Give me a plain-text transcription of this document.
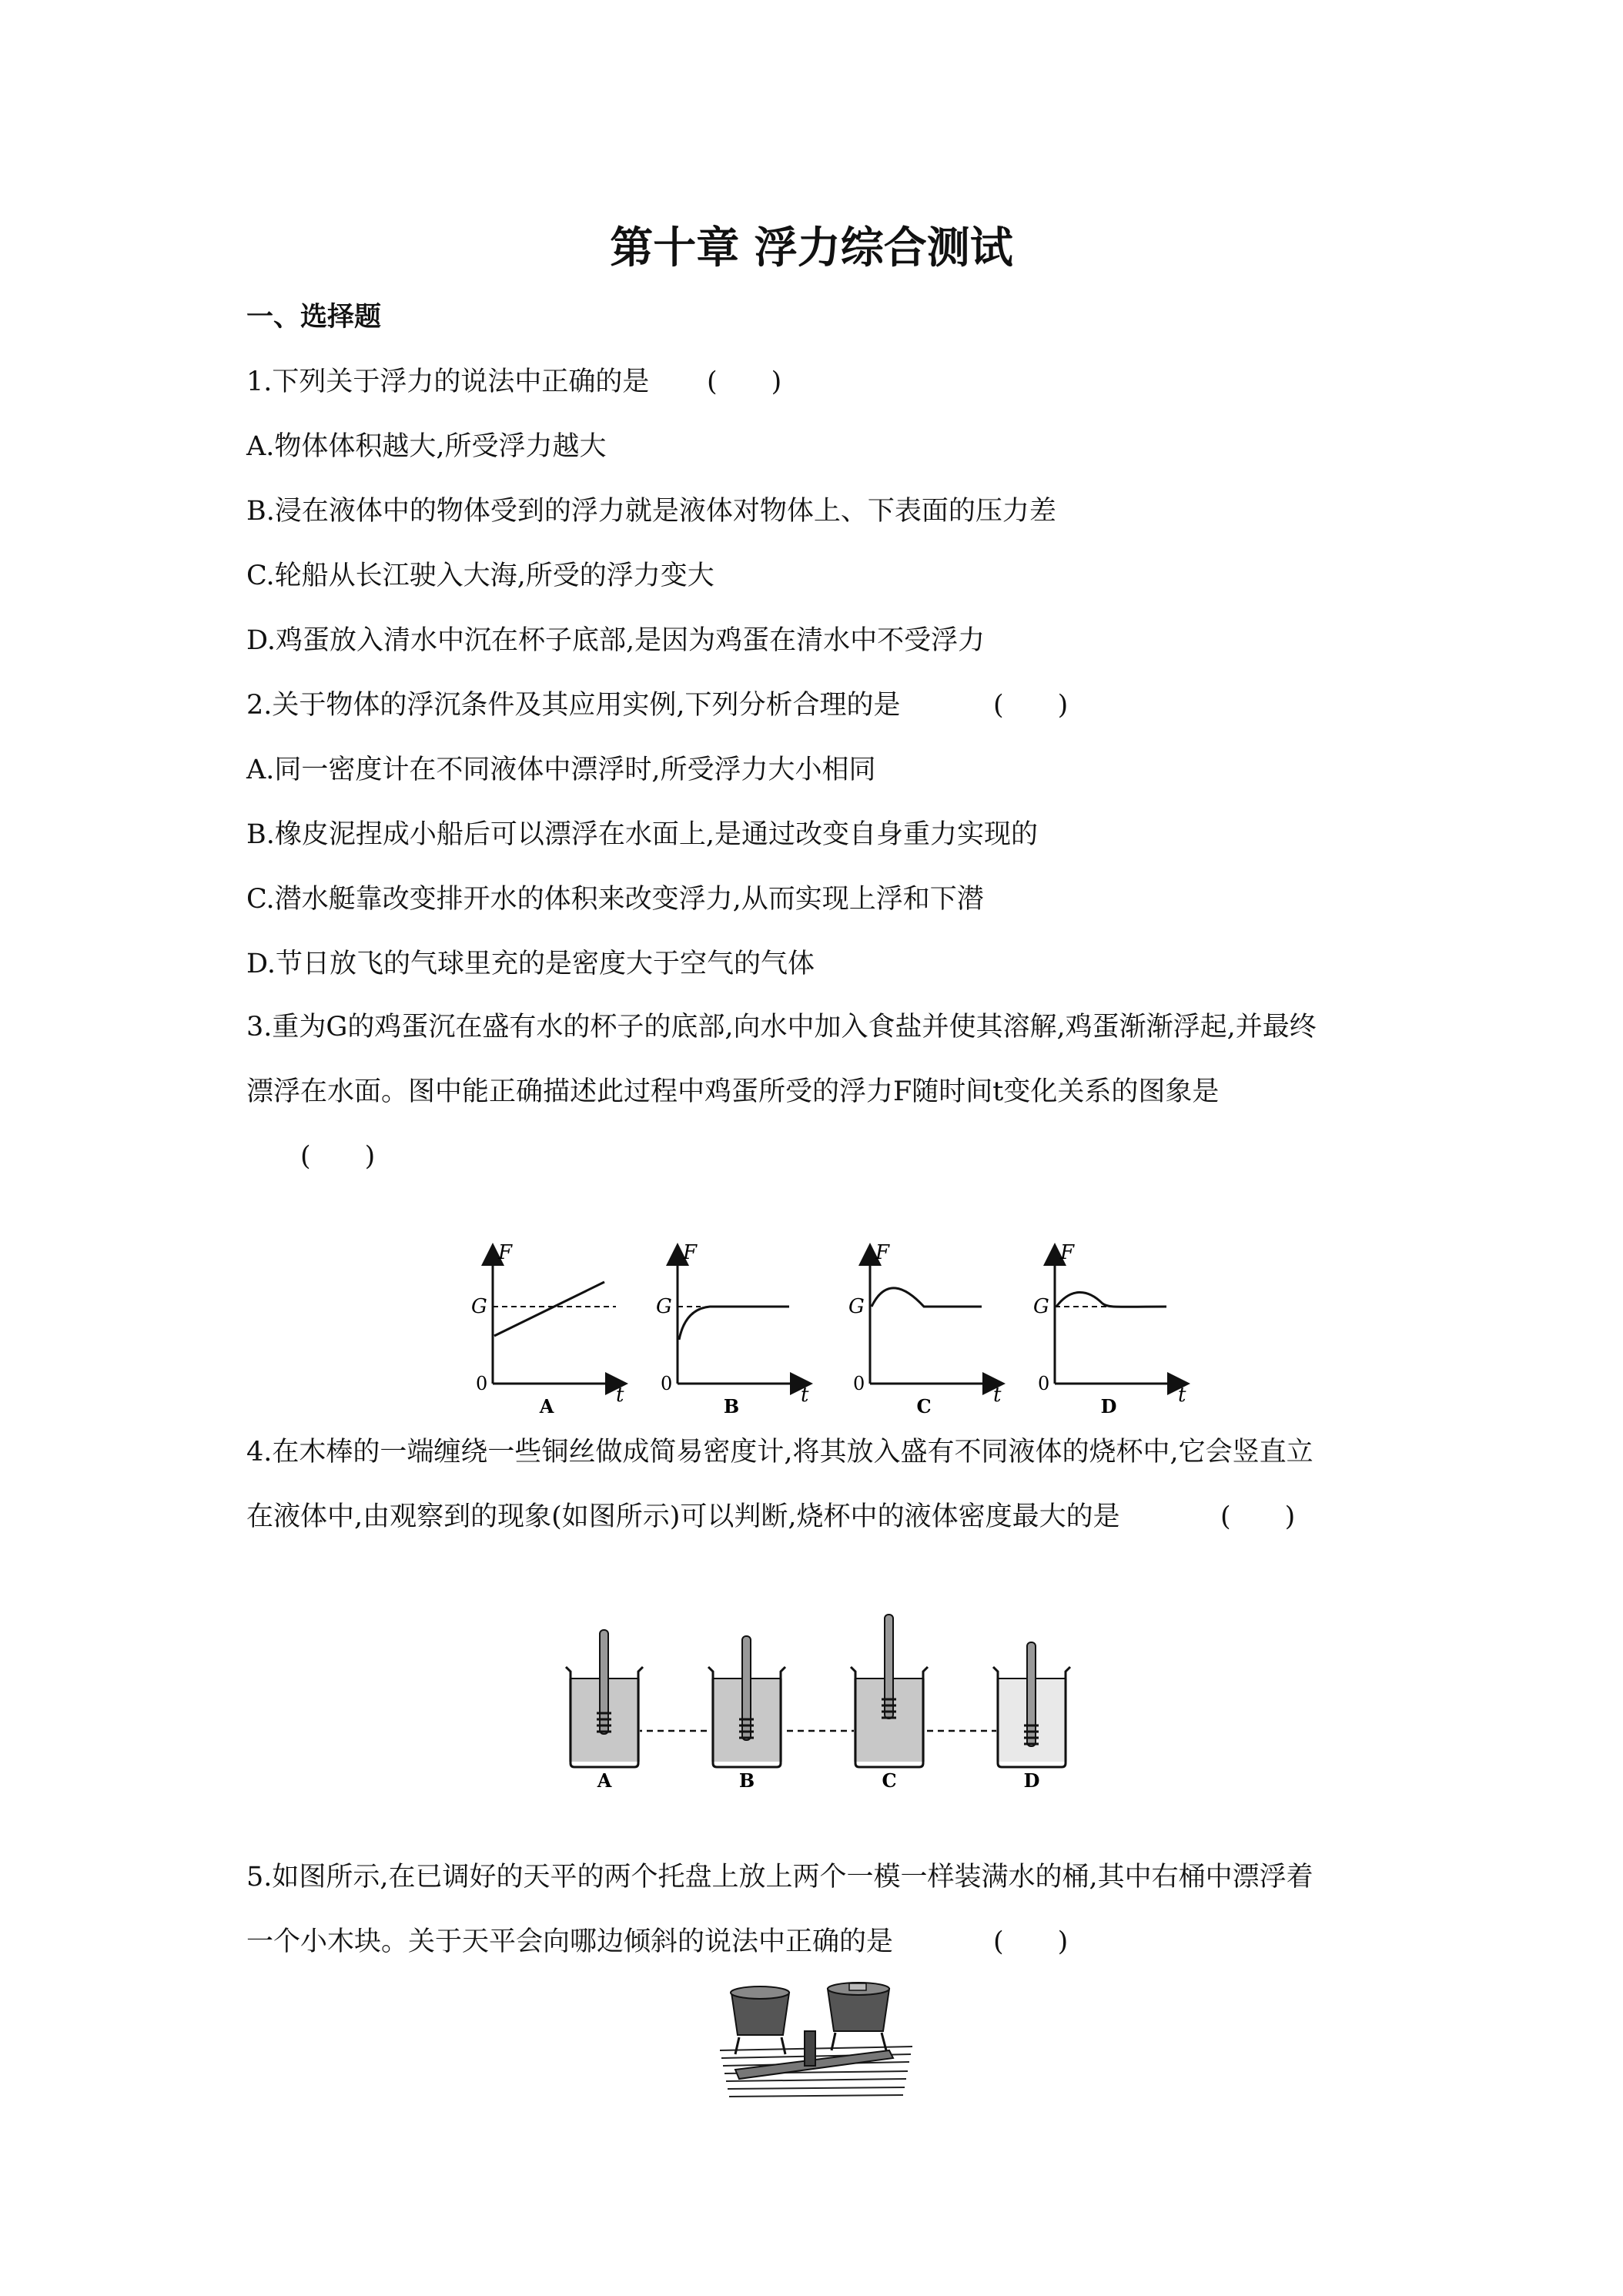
第十章 浮力综合测试
一、选择题
1.下列关于浮力的说法中正确的是 (　　)
A.物体体积越大,所受浮力越大
B.浸在液体中的物体受到的浮力就是液体对物体上、下表面的压力差
C.轮船从长江驶入大海,所受的浮力变大
D.鸡蛋放入清水中沉在杯子底部,是因为鸡蛋在清水中不受浮力
2.关于物体的浮沉条件及其应用实例,下列分析合理的是	(　　)
A.同一密度计在不同液体中漂浮时,所受浮力大小相同
B.橡皮泥捏成小船后可以漂浮在水面上,是通过改变自身重力实现的
C.潜水艇靠改变排开水的体积来改变浮力,从而实现上浮和下潜
D.节日放飞的气球里充的是密度大于空气的气体
3.重为G的鸡蛋沉在盛有水的杯子的底部,向水中加入食盐并使其溶解,鸡蛋渐渐浮起,并最终
漂浮在水面。图中能正确描述此过程中鸡蛋所受的浮力F随时间t变化关系的图象是
(　　)
F
G
0	t
A
F
G
0	t
B
F
G
0	t
C
F
G
0	t
D
4.在木棒的一端缠绕一些铜丝做成简易密度计,将其放入盛有不同液体的烧杯中,它会竖直立
在液体中,由观察到的现象(如图所示)可以判断,烧杯中的液体密度最大的是	(　　)
A	B	C	D
5.如图所示,在已调好的天平的两个托盘上放上两个一模一样装满水的桶,其中右桶中漂浮着
一个小木块。关于天平会向哪边倾斜的说法中正确的是	(　　)
